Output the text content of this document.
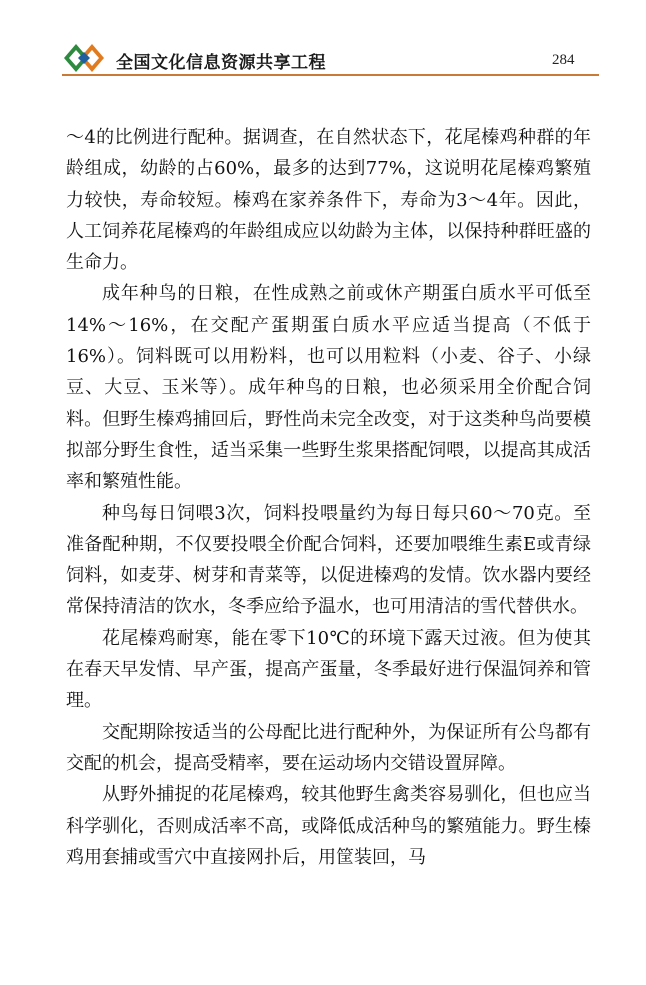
全国文化信息资源共享工程	284

～4的比例进行配种。据调查，在自然状态下，花尾榛鸡种群的年龄组成，幼龄的占60%，最多的达到77%，这说明花尾榛鸡繁殖力较快，寿命较短。榛鸡在家养条件下，寿命为3～4年。因此，人工饲养花尾榛鸡的年龄组成应以幼龄为主体，以保持种群旺盛的生命力。

成年种鸟的日粮，在性成熟之前或休产期蛋白质水平可低至14%～16%，在交配产蛋期蛋白质水平应适当提高（不低于16%）。饲料既可以用粉料，也可以用粒料（小麦、谷子、小绿豆、大豆、玉米等）。成年种鸟的日粮，也必须采用全价配合饲料。但野生榛鸡捕回后，野性尚未完全改变，对于这类种鸟尚要模拟部分野生食性，适当采集一些野生浆果搭配饲喂，以提高其成活率和繁殖性能。

种鸟每日饲喂3次，饲料投喂量约为每日每只60～70克。至准备配种期，不仅要投喂全价配合饲料，还要加喂维生素E或青绿饲料，如麦芽、树芽和青菜等，以促进榛鸡的发情。饮水器内要经常保持清洁的饮水，冬季应给予温水，也可用清洁的雪代替供水。

花尾榛鸡耐寒，能在零下10℃的环境下露天过液。但为使其在春天早发情、早产蛋，提高产蛋量，冬季最好进行保温饲养和管理。

交配期除按适当的公母配比进行配种外，为保证所有公鸟都有交配的机会，提高受精率，要在运动场内交错设置屏障。

从野外捕捉的花尾榛鸡，较其他野生禽类容易驯化，但也应当科学驯化，否则成活率不高，或降低成活种鸟的繁殖能力。野生榛鸡用套捕或雪穴中直接网扑后，用筐装回，马
